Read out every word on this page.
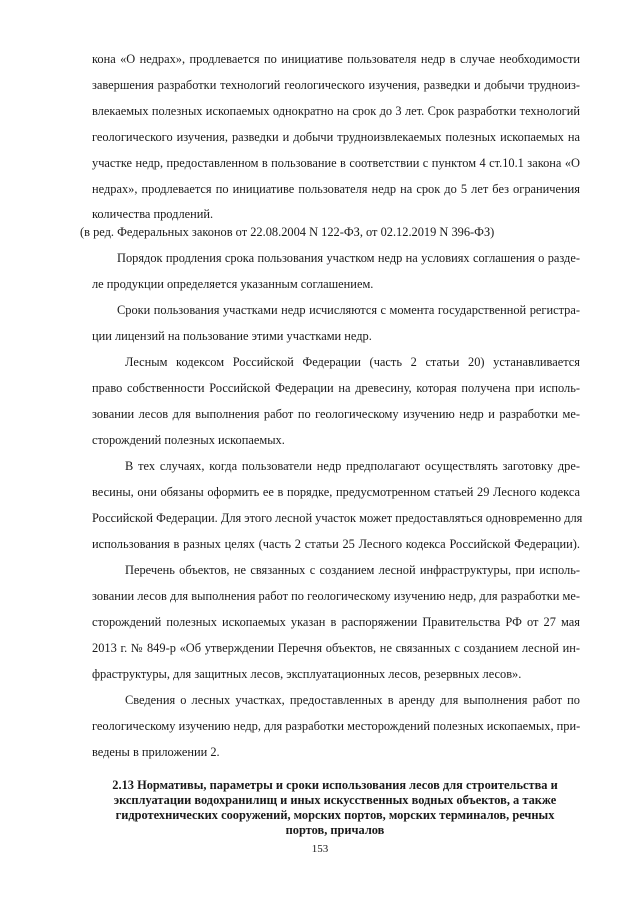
кона «О недрах», продлевается по инициативе пользователя недр в случае необходимости
завершения разработки технологий геологического изучения, разведки и добычи трудноиз-
влекаемых полезных ископаемых однократно на срок до 3 лет. Срок разработки технологий
геологического изучения, разведки и добычи трудноизвлекаемых полезных ископаемых на
участке недр, предоставленном в пользование в соответствии с пунктом 4 ст.10.1 закона «О
недрах», продлевается по инициативе пользователя недр на срок до 5 лет без ограничения
количества продлений.
(в ред. Федеральных законов от 22.08.2004 N 122-ФЗ, от 02.12.2019 N 396-ФЗ)
Порядок продления срока пользования участком недр на условиях соглашения о разде-
ле продукции определяется указанным соглашением.
Сроки пользования участками недр исчисляются с момента государственной регистра-
ции лицензий на пользование этими участками недр.
Лесным кодексом Российской Федерации (часть 2 статьи 20) устанавливается
право собственности Российской Федерации на древесину, которая получена при исполь-
зовании лесов для выполнения работ по геологическому изучению недр и разработки ме-
сторождений полезных ископаемых.
В тех случаях, когда пользователи недр предполагают осуществлять заготовку дре-
весины, они обязаны оформить ее в порядке, предусмотренном статьей 29 Лесного кодекса
Российской Федерации. Для этого лесной участок может предоставляться одновременно для
использования в разных целях (часть 2 статьи 25 Лесного кодекса Российской Федерации).
Перечень объектов, не связанных с созданием лесной инфраструктуры, при исполь-
зовании лесов для выполнения работ по геологическому изучению недр, для разработки ме-
сторождений полезных ископаемых указан в распоряжении Правительства РФ от 27 мая
2013 г. № 849-р «Об утверждении Перечня объектов, не связанных с созданием лесной ин-
фраструктуры, для защитных лесов, эксплуатационных лесов, резервных лесов».
Сведения о лесных участках, предоставленных в аренду для выполнения работ по
геологическому изучению недр, для разработки месторождений полезных ископаемых, при-
ведены в приложении 2.
2.13 Нормативы, параметры и сроки использования лесов для строительства и
эксплуатации водохранилищ и иных искусственных водных объектов, а также
гидротехнических сооружений, морских портов, морских терминалов, речных
портов, причалов
153
